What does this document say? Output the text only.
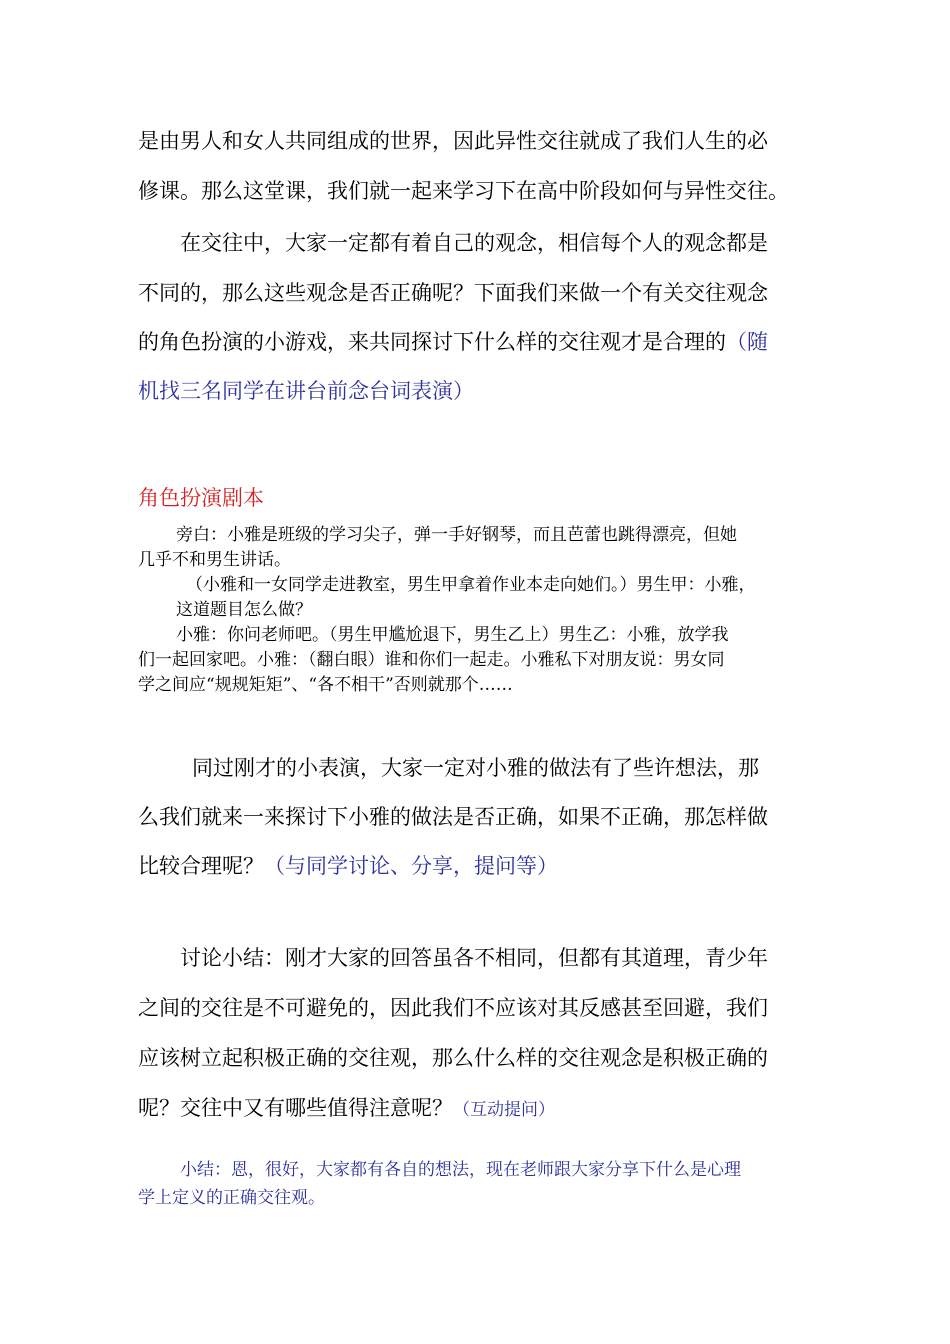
是由男人和女人共同组成的世界，因此异性交往就成了我们人生的必
修课。那么这堂课，我们就一起来学习下在高中阶段如何与异性交往。
在交往中，大家一定都有着自己的观念，相信每个人的观念都是
不同的，那么这些观念是否正确呢？下面我们来做一个有关交往观念
的角色扮演的小游戏，来共同探讨下什么样的交往观才是合理的（随
机找三名同学在讲台前念台词表演）
角色扮演剧本
旁白：小雅是班级的学习尖子，弹一手好钢琴，而且芭蕾也跳得漂亮，但她
几乎不和男生讲话。
（小雅和一女同学走进教室，男生甲拿着作业本走向她们。）男生甲：小雅，
这道题目怎么做？
小雅：你问老师吧。（男生甲尴尬退下，男生乙上）男生乙：小雅，放学我
们一起回家吧。小雅：（翻白眼）谁和你们一起走。小雅私下对朋友说：男女同
学之间应“规规矩矩”、“各不相干”否则就那个……
同过刚才的小表演，大家一定对小雅的做法有了些许想法，那
么我们就来一来探讨下小雅的做法是否正确，如果不正确，那怎样做
比较合理呢？（与同学讨论、分享，提问等）
讨论小结：刚才大家的回答虽各不相同，但都有其道理，青少年
之间的交往是不可避免的，因此我们不应该对其反感甚至回避，我们
应该树立起积极正确的交往观，那么什么样的交往观念是积极正确的
呢？交往中又有哪些值得注意呢？（互动提问）
小结：恩，很好，大家都有各自的想法，现在老师跟大家分享下什么是心理
学上定义的正确交往观。
